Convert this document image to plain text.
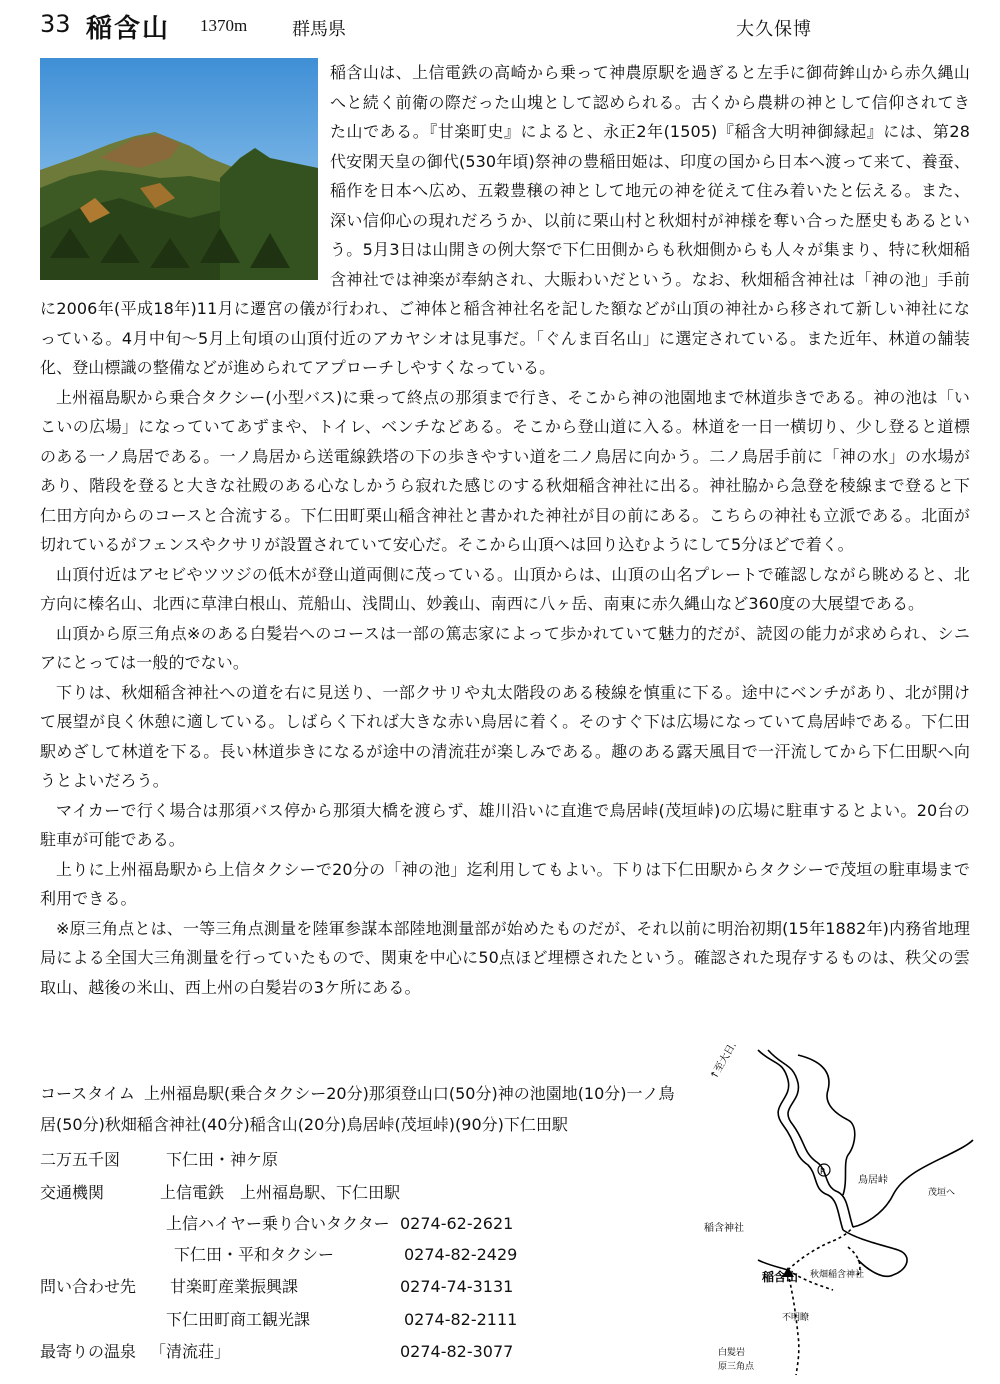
33 稲含山 1370m 群馬県	大久保博

稲含山は、上信電鉄の高崎から乗って神農原駅を過ぎると左手に御荷鉾山から赤久縄山へと続く前衛の際だった山塊として認められる。古くから農耕の神として信仰されてきた山である。『甘楽町史』によると、永正2年(1505)『稲含大明神御縁起』には、第28代安閑天皇の御代(530年頃)祭神の豊稲田姫は、印度の国から日本へ渡って来て、養蚕、稲作を日本へ広め、五穀豊穣の神として地元の神を従えて住み着いたと伝える。また、深い信仰心の現れだろうか、以前に栗山村と秋畑村が神様を奪い合った歴史もあるという。5月3日は山開きの例大祭で下仁田側からも秋畑側からも人々が集まり、特に秋畑稲含神社では神楽が奉納され、大賑わいだという。なお、秋畑稲含神社は「神の池」手前に2006年(平成18年)11月に遷宮の儀が行われ、ご神体と稲含神社名を記した額などが山頂の神社から移されて新しい神社になっている。4月中旬～5月上旬頃の山頂付近のアカヤシオは見事だ。「ぐんま百名山」に選定されている。また近年、林道の舗装化、登山標識の整備などが進められてアプローチしやすくなっている。

上州福島駅から乗合タクシー(小型バス)に乗って終点の那須まで行き、そこから神の池園地まで林道歩きである。神の池は「いこいの広場」になっていてあずまや、トイレ、ベンチなどある。そこから登山道に入る。林道を一日一横切り、少し登ると道標のある一ノ鳥居である。一ノ鳥居から送電線鉄塔の下の歩きやすい道を二ノ鳥居に向かう。二ノ鳥居手前に「神の水」の水場があり、階段を登ると大きな社殿のある心なしかうら寂れた感じのする秋畑稲含神社に出る。神社脇から急登を稜線まで登ると下仁田方向からのコースと合流する。下仁田町栗山稲含神社と書かれた神社が目の前にある。こちらの神社も立派である。北面が切れているがフェンスやクサリが設置されていて安心だ。そこから山頂へは回り込むようにして5分ほどで着く。

山頂付近はアセビやツツジの低木が登山道両側に茂っている。山頂からは、山頂の山名プレートで確認しながら眺めると、北方向に榛名山、北西に草津白根山、荒船山、浅間山、妙義山、南西に八ヶ岳、南東に赤久縄山など360度の大展望である。

山頂から原三角点※のある白髪岩へのコースは一部の篤志家によって歩かれていて魅力的だが、読図の能力が求められ、シニアにとっては一般的でない。

下りは、秋畑稲含神社への道を右に見送り、一部クサリや丸太階段のある稜線を慎重に下る。途中にベンチがあり、北が開けて展望が良く休憩に適している。しばらく下れば大きな赤い鳥居に着く。そのすぐ下は広場になっていて鳥居峠である。下仁田駅めざして林道を下る。長い林道歩きになるが途中の清流荘が楽しみである。趣のある露天風目で一汗流してから下仁田駅へ向うとよいだろう。

マイカーで行く場合は那須バス停から那須大橋を渡らず、雄川沿いに直進で鳥居峠(茂垣峠)の広場に駐車するとよい。20台の駐車が可能である。

上りに上州福島駅から上信タクシーで20分の「神の池」迄利用してもよい。下りは下仁田駅からタクシーで茂垣の駐車場まで利用できる。

※原三角点とは、一等三角点測量を陸軍参謀本部陸地測量部が始めたものだが、それ以前に明治初期(15年1882年)内務省地理局による全国大三角測量を行っていたもので、関東を中心に50点ほど埋標されたという。確認された現存するものは、秩父の雲取山、越後の米山、西上州の白髪岩の3ケ所にある。

コースタイム 上州福島駅(乗合タクシー20分)那須登山口(50分)神の池園地(10分)一ノ鳥
居(50分)秋畑稲含神社(40分)稲含山(20分)鳥居峠(茂垣峠)(90分)下仁田駅
二万五千図	下仁田・神ケ原
交通機関	上信電鉄　上州福島駅、下仁田駅
上信ハイヤー乗り合いタクター 0274-62-2621
下仁田・平和タクシー	0274-82-2429
問い合わせ先 甘楽町産業振興課	0274-74-3131
下仁田町商工観光課	0274-82-2111
最寄りの温泉 「清流荘」	0274-82-3077
P
↑至大日向
鳥居峠
茂垣へ
稲含神社
稲含山 秋畑稲含神社
不明瞭
白髪岩
原三角点
